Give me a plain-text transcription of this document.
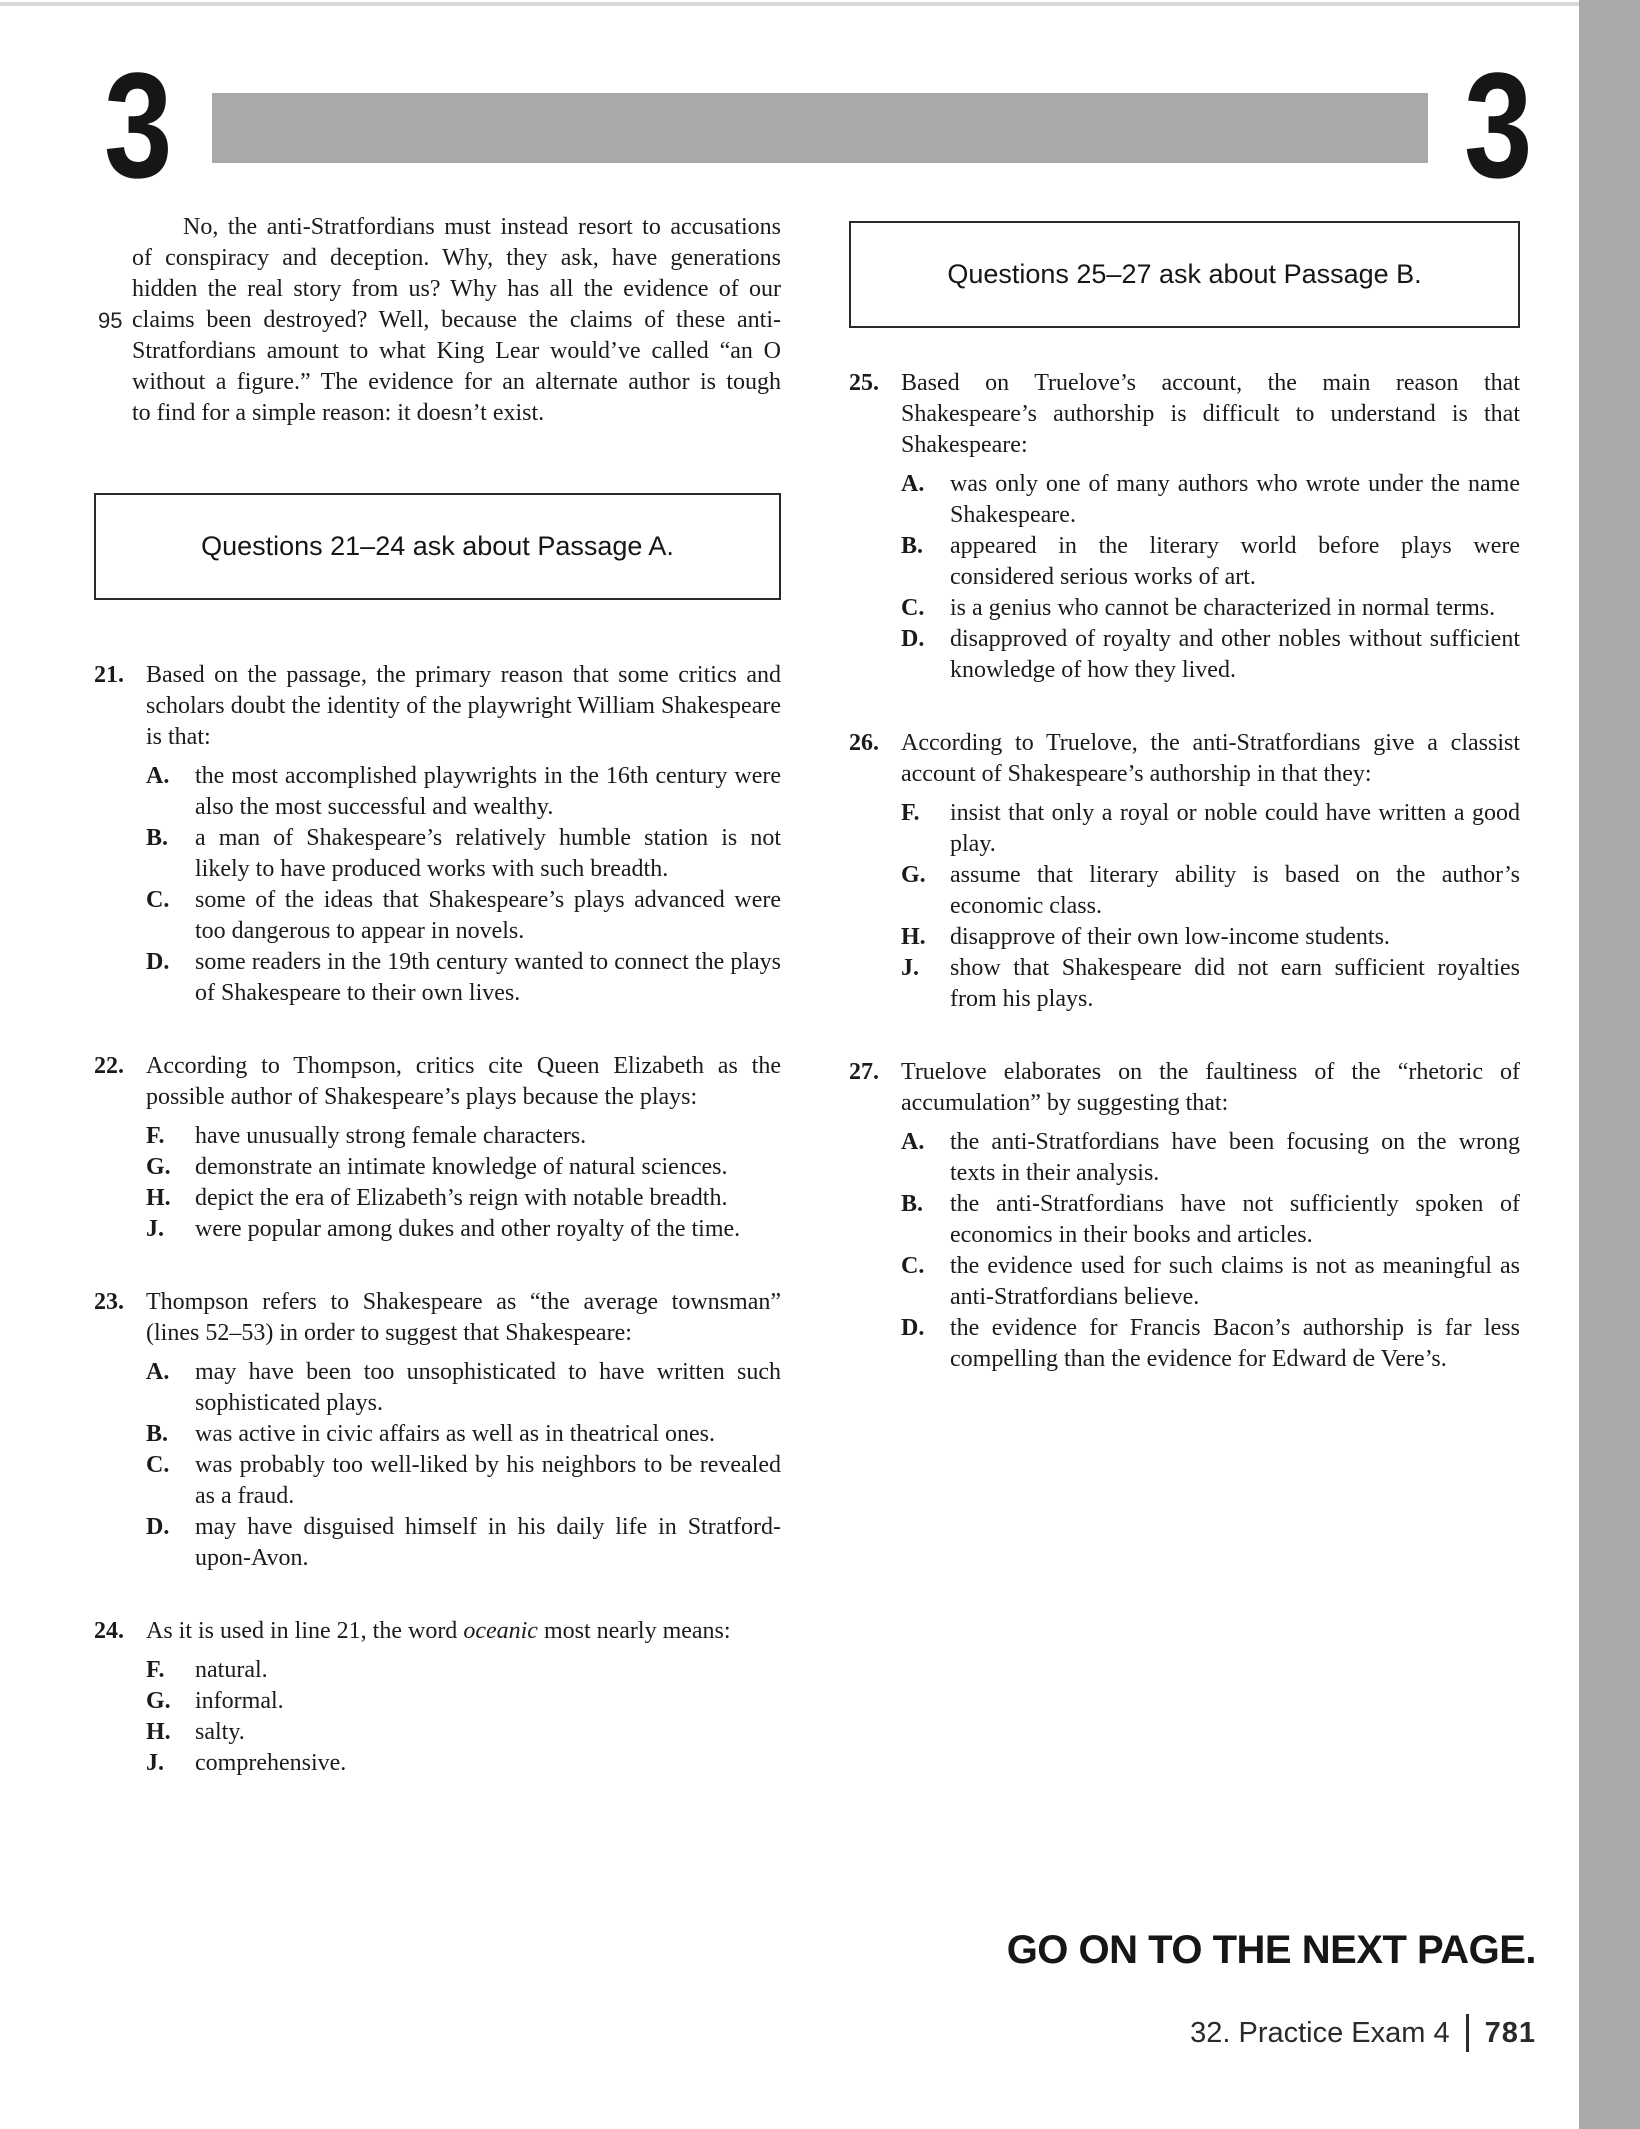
3	3
No, the anti-Stratfordians must instead resort to accusations
of conspiracy and deception. Why, they ask, have generations
hidden the real story from us? Why has all the evidence of our
95 claims been destroyed? Well, because the claims of these anti-
Stratfordians amount to what King Lear would’ve called “an O
without a figure.” The evidence for an alternate author is tough
to find for a simple reason: it doesn’t exist.
Questions 21–24 ask about Passage A.
21. Based on the passage, the primary reason that some critics and scholars doubt the identity of the playwright William Shakespeare is that:
A.	the most accomplished playwrights in the 16th century were also the most successful and wealthy.
B.	a man of Shakespeare’s relatively humble station is not likely to have produced works with such breadth.
C.	some of the ideas that Shakespeare’s plays advanced were too dangerous to appear in novels.
D.	some readers in the 19th century wanted to connect the plays of Shakespeare to their own lives.
22. According to Thompson, critics cite Queen Elizabeth as the possible author of Shakespeare’s plays because the plays:
F.	have unusually strong female characters.
G.	demonstrate an intimate knowledge of natural sciences.
H.	depict the era of Elizabeth’s reign with notable breadth.
J.	were popular among dukes and other royalty of the time.
23. Thompson refers to Shakespeare as “the average townsman” (lines 52–53) in order to suggest that Shakespeare:
A.	may have been too unsophisticated to have written such sophisticated plays.
B.	was active in civic affairs as well as in theatrical ones.
C.	was probably too well-liked by his neighbors to be revealed as a fraud.
D.	may have disguised himself in his daily life in Stratford-upon-Avon.
24. As it is used in line 21, the word oceanic most nearly means:
F.	natural.
G.	informal.
H.	salty.
J.	comprehensive.
Questions 25–27 ask about Passage B.
25. Based on Truelove’s account, the main reason that Shakespeare’s authorship is difficult to understand is that Shakespeare:
A.	was only one of many authors who wrote under the name Shakespeare.
B.	appeared in the literary world before plays were considered serious works of art.
C.	is a genius who cannot be characterized in normal terms.
D.	disapproved of royalty and other nobles without sufficient knowledge of how they lived.
26. According to Truelove, the anti-Stratfordians give a classist account of Shakespeare’s authorship in that they:
F.	insist that only a royal or noble could have written a good play.
G.	assume that literary ability is based on the author’s economic class.
H.	disapprove of their own low-income students.
J.	show that Shakespeare did not earn sufficient royalties from his plays.
27. Truelove elaborates on the faultiness of the “rhetoric of accumulation” by suggesting that:
A.	the anti-Stratfordians have been focusing on the wrong texts in their analysis.
B.	the anti-Stratfordians have not sufficiently spoken of economics in their books and articles.
C.	the evidence used for such claims is not as meaningful as anti-Stratfordians believe.
D.	the evidence for Francis Bacon’s authorship is far less compelling than the evidence for Edward de Vere’s.
GO ON TO THE NEXT PAGE.
32. Practice Exam 4 781
